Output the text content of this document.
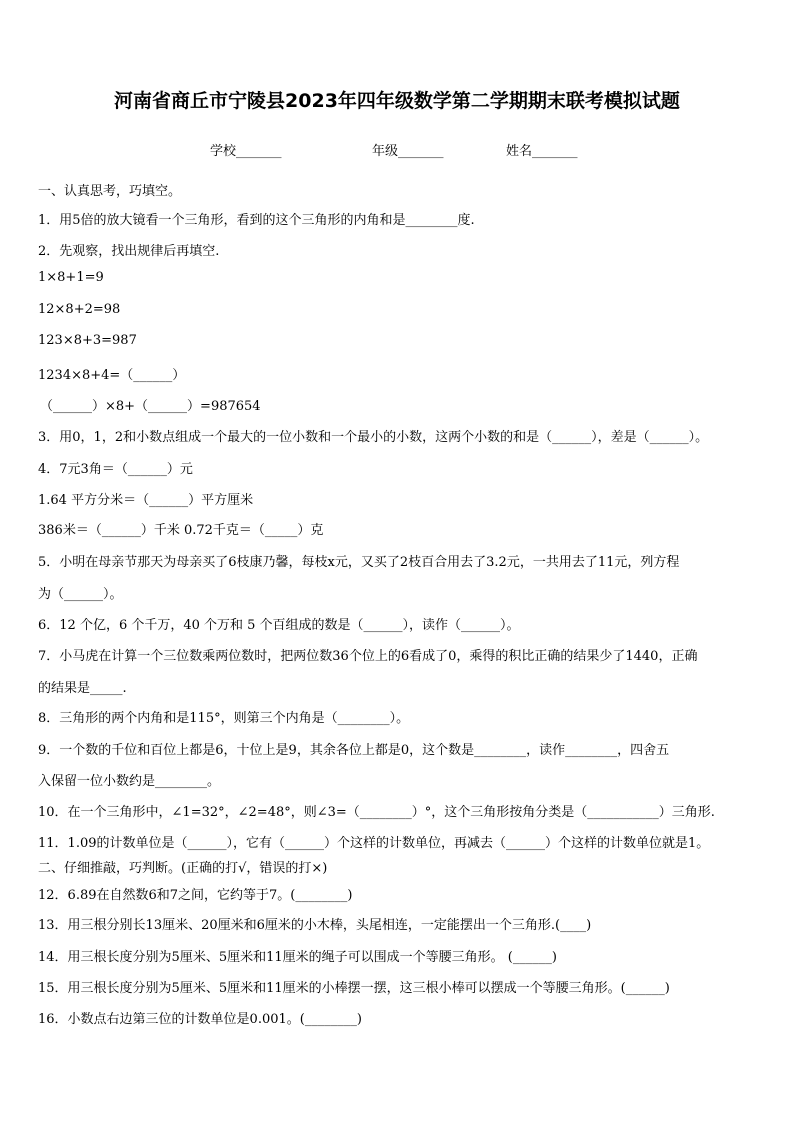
河南省商丘市宁陵县2023年四年级数学第二学期期末联考模拟试题
学校_______	年级_______	姓名_______
一、认真思考，巧填空。
1．用5倍的放大镜看一个三角形，看到的这个三角形的内角和是________度.
2．先观察，找出规律后再填空.
1×8+1=9
12×8+2=98
123×8+3=987
1234×8+4=（______）
（______）×8+（______）=987654
3．用0，1，2和小数点组成一个最大的一位小数和一个最小的小数，这两个小数的和是（______），差是（______）。
4．7元3角＝（______）元
1.64 平方分米＝（______）平方厘米
386米＝（______）千米 0.72千克＝（_____）克
5．小明在母亲节那天为母亲买了6枝康乃馨，每枝x元，又买了2枝百合用去了3.2元，一共用去了11元，列方程
为（______）。
6．12 个亿，6 个千万，40 个万和 5 个百组成的数是（______），读作（______）。
7．小马虎在计算一个三位数乘两位数时，把两位数36个位上的6看成了0，乘得的积比正确的结果少了1440，正确
的结果是_____.
8．三角形的两个内角和是115°，则第三个内角是（________）。
9．一个数的千位和百位上都是6，十位上是9，其余各位上都是0，这个数是________，读作________，四舍五
入保留一位小数约是________。
10．在一个三角形中，∠1=32°，∠2=48°，则∠3=（________）°，这个三角形按角分类是（___________）三角形.
11．1.09的计数单位是（______），它有（______）个这样的计数单位，再减去（______）个这样的计数单位就是1。
二、仔细推敲，巧判断。(正确的打√，错误的打×)
12．6.89在自然数6和7之间，它约等于7。(________)
13．用三根分别长13厘米、20厘米和6厘米的小木棒，头尾相连，一定能摆出一个三角形.(____)
14．用三根长度分别为5厘米、5厘米和11厘米的绳子可以围成一个等腰三角形。 (______)
15．用三根长度分别为5厘米、5厘米和11厘米的小棒摆一摆，这三根小棒可以摆成一个等腰三角形。(______)
16．小数点右边第三位的计数单位是0.001。(________)
